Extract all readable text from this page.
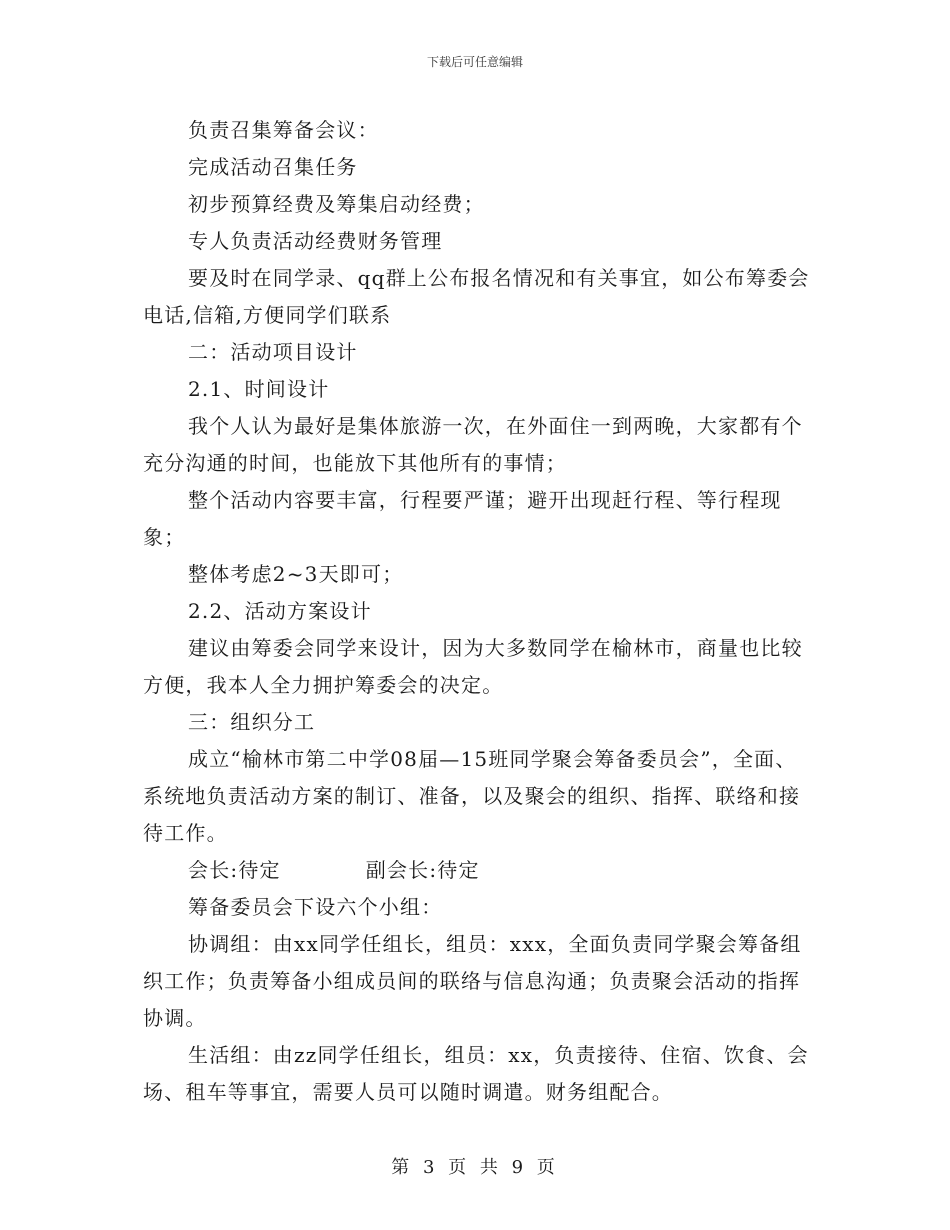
下载后可任意编辑

负责召集筹备会议：

完成活动召集任务

初步预算经费及筹集启动经费；

专人负责活动经费财务管理

要及时在同学录、qq群上公布报名情况和有关事宜，如公布筹委会电话,信箱,方便同学们联系

二：活动项目设计

2.1、时间设计

我个人认为最好是集体旅游一次，在外面住一到两晚，大家都有个充分沟通的时间，也能放下其他所有的事情；

整个活动内容要丰富，行程要严谨；避开出现赶行程、等行程现象；

整体考虑2~3天即可；

2.2、活动方案设计

建议由筹委会同学来设计，因为大多数同学在榆林市，商量也比较方便，我本人全力拥护筹委会的决定。

三：组织分工

成立“榆林市第二中学08届—15班同学聚会筹备委员会”，全面、系统地负责活动方案的制订、准备，以及聚会的组织、指挥、联络和接待工作。

会长:待定	副会长:待定

筹备委员会下设六个小组：

协调组：由xx同学任组长，组员：xxx，全面负责同学聚会筹备组织工作；负责筹备小组成员间的联络与信息沟通；负责聚会活动的指挥协调。

生活组：由zz同学任组长，组员：xx，负责接待、住宿、饮食、会场、租车等事宜，需要人员可以随时调遣。财务组配合。

第 3 页 共 9 页
